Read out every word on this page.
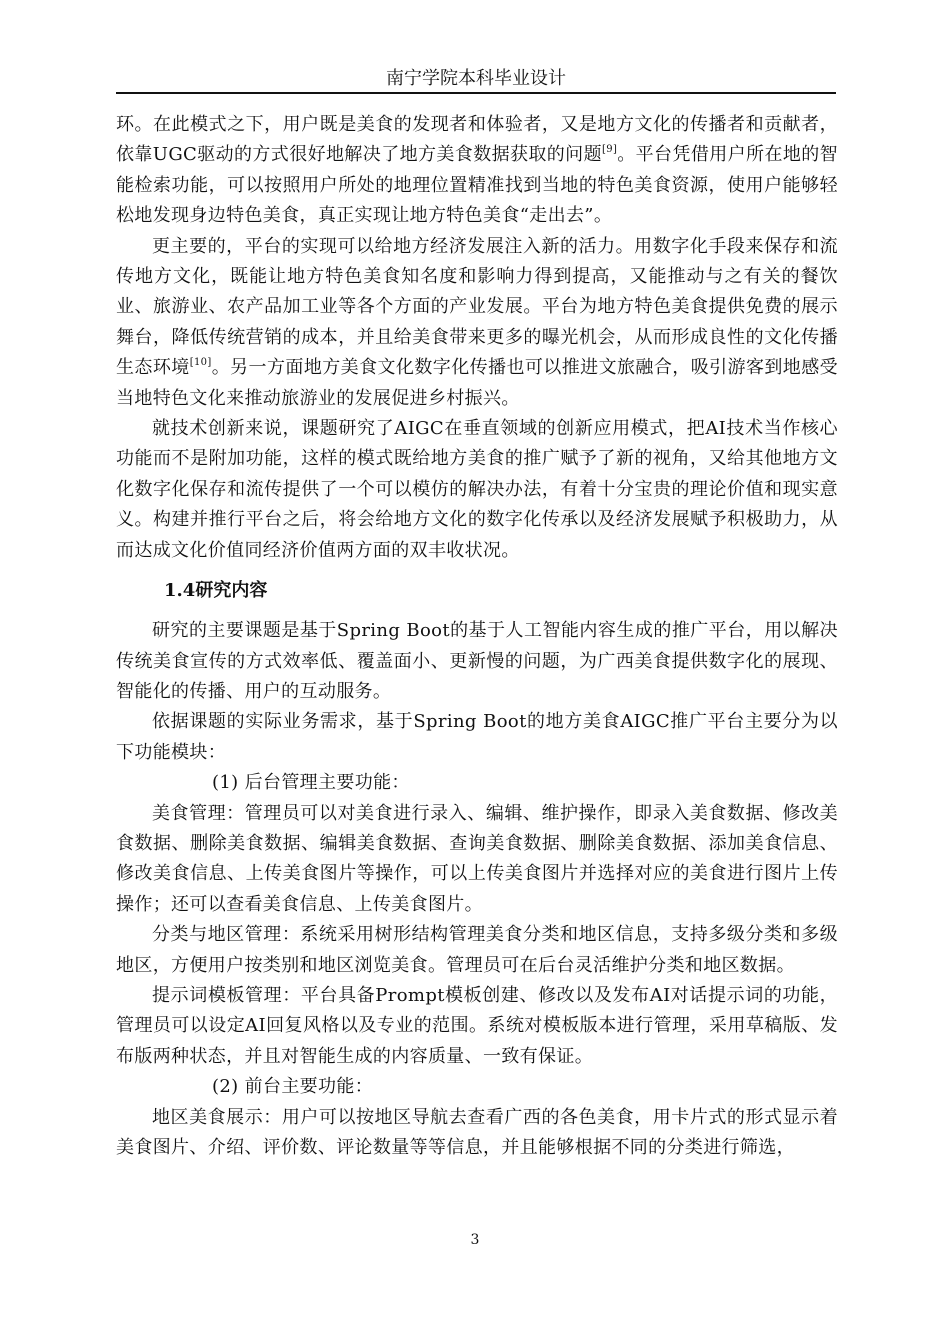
南宁学院本科毕业设计

环。在此模式之下，用户既是美食的发现者和体验者，又是地方文化的传播者和贡献者，依靠UGC驱动的方式很好地解决了地方美食数据获取的问题[9]。平台凭借用户所在地的智能检索功能，可以按照用户所处的地理位置精准找到当地的特色美食资源，使用户能够轻松地发现身边特色美食，真正实现让地方特色美食“走出去”。

更主要的，平台的实现可以给地方经济发展注入新的活力。用数字化手段来保存和流传地方文化，既能让地方特色美食知名度和影响力得到提高，又能推动与之有关的餐饮业、旅游业、农产品加工业等各个方面的产业发展。平台为地方特色美食提供免费的展示舞台，降低传统营销的成本，并且给美食带来更多的曝光机会，从而形成良性的文化传播生态环境[10]。另一方面地方美食文化数字化传播也可以推进文旅融合，吸引游客到地感受当地特色文化来推动旅游业的发展促进乡村振兴。

就技术创新来说，课题研究了AIGC在垂直领域的创新应用模式，把AI技术当作核心功能而不是附加功能，这样的模式既给地方美食的推广赋予了新的视角，又给其他地方文化数字化保存和流传提供了一个可以模仿的解决办法，有着十分宝贵的理论价值和现实意义。构建并推行平台之后，将会给地方文化的数字化传承以及经济发展赋予积极助力，从而达成文化价值同经济价值两方面的双丰收状况。

1.4研究内容

研究的主要课题是基于Spring Boot的基于人工智能内容生成的推广平台，用以解决传统美食宣传的方式效率低、覆盖面小、更新慢的问题，为广西美食提供数字化的展现、智能化的传播、用户的互动服务。

依据课题的实际业务需求，基于Spring Boot的地方美食AIGC推广平台主要分为以下功能模块：

(1) 后台管理主要功能：

美食管理：管理员可以对美食进行录入、编辑、维护操作，即录入美食数据、修改美食数据、删除美食数据、编辑美食数据、查询美食数据、删除美食数据、添加美食信息、修改美食信息、上传美食图片等操作，可以上传美食图片并选择对应的美食进行图片上传操作；还可以查看美食信息、上传美食图片。

分类与地区管理：系统采用树形结构管理美食分类和地区信息，支持多级分类和多级地区，方便用户按类别和地区浏览美食。管理员可在后台灵活维护分类和地区数据。

提示词模板管理：平台具备Prompt模板创建、修改以及发布AI对话提示词的功能，管理员可以设定AI回复风格以及专业的范围。系统对模板版本进行管理，采用草稿版、发布版两种状态，并且对智能生成的内容质量、一致有保证。

(2) 前台主要功能：

地区美食展示：用户可以按地区导航去查看广西的各色美食，用卡片式的形式显示着美食图片、介绍、评价数、评论数量等等信息，并且能够根据不同的分类进行筛选，

3
